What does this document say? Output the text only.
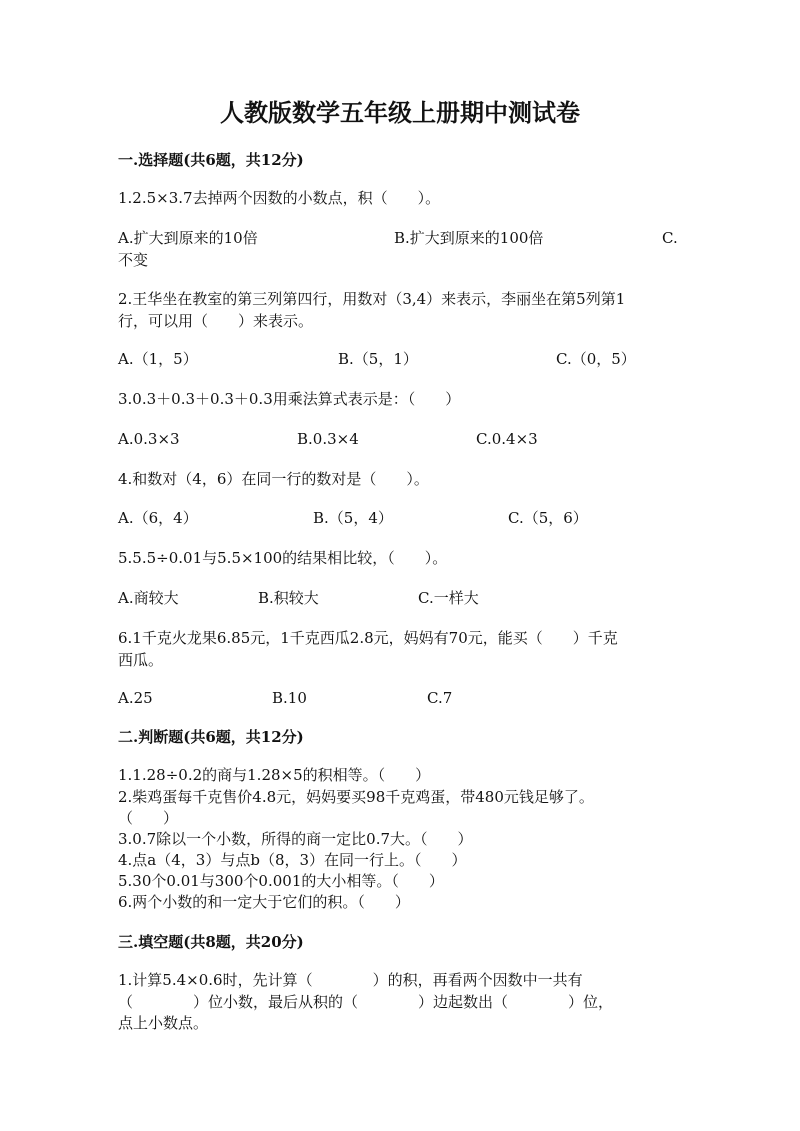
人教版数学五年级上册期中测试卷
一.选择题(共6题，共12分)
1.2.5×3.7去掉两个因数的小数点，积（　　）。
A.扩大到原来的10倍	B.扩大到原来的100倍	C.
不变
2.王华坐在教室的第三列第四行，用数对（3,4）来表示，李丽坐在第5列第1
行，可以用（　　）来表示。
A.（1，5）	B.（5，1）	C.（0，5）
3.0.3＋0.3＋0.3＋0.3用乘法算式表示是：（　　）
A.0.3×3	B.0.3×4	C.0.4×3
4.和数对（4，6）在同一行的数对是（　　）。
A.（6，4）	B.（5，4）	C.（5，6）
5.5.5÷0.01与5.5×100的结果相比较，（　　）。
A.商较大	B.积较大	C.一样大
6.1千克火龙果6.85元，1千克西瓜2.8元，妈妈有70元，能买（　　）千克
西瓜。
A.25	B.10	C.7
二.判断题(共6题，共12分)
1.1.28÷0.2的商与1.28×5的积相等。（　　）
2.柴鸡蛋每千克售价4.8元，妈妈要买98千克鸡蛋，带480元钱足够了。
（　　）
3.0.7除以一个小数，所得的商一定比0.7大。（　　）
4.点a（4，3）与点b（8，3）在同一行上。（　　）
5.30个0.01与300个0.001的大小相等。（　　）
6.两个小数的和一定大于它们的积。（　　）
三.填空题(共8题，共20分)
1.计算5.4×0.6时，先计算（　　　　）的积，再看两个因数中一共有
（　　　　）位小数，最后从积的（　　　　）边起数出（　　　　）位，
点上小数点。
